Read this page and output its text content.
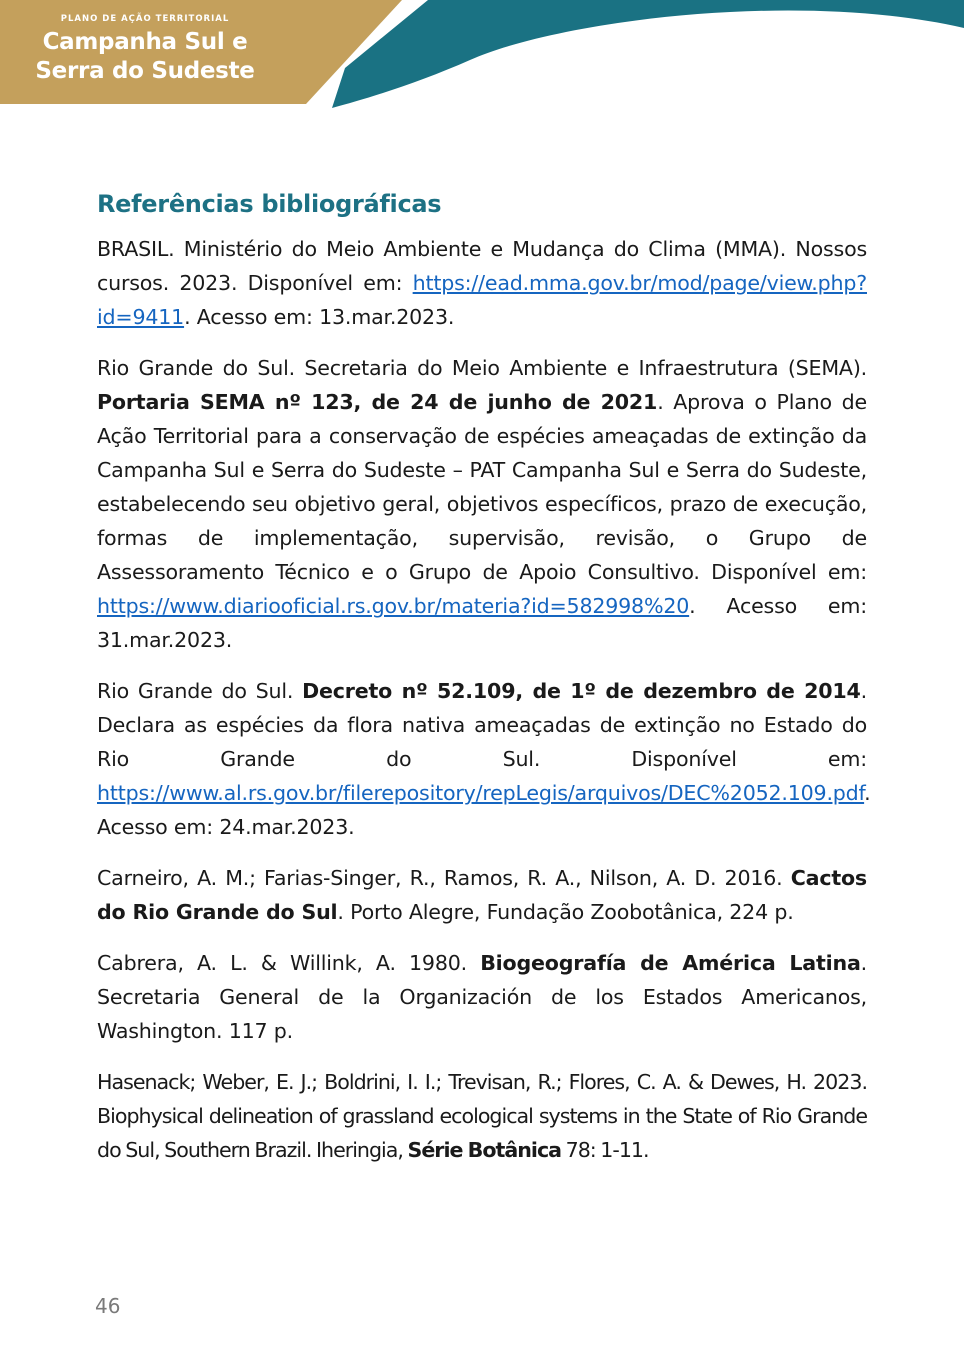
PLANO DE AÇÃO TERRITORIAL
Campanha Sul e
Serra do Sudeste
Referências bibliográficas

BRASIL. Ministério do Meio Ambiente e Mudança do Clima (MMA). Nossos cursos. 2023. Disponível em: https://ead.mma.gov.br/mod/page/view.php?id=9411. Acesso em: 13.mar.2023.

Rio Grande do Sul. Secretaria do Meio Ambiente e Infraestrutura (SEMA). Portaria SEMA nº 123, de 24 de junho de 2021. Aprova o Plano de Ação Territorial para a conservação de espécies ameaçadas de extinção da Campanha Sul e Serra do Sudeste – PAT Campanha Sul e Serra do Sudeste, estabelecendo seu objetivo geral, objetivos específicos, prazo de execução, formas de implementação, supervisão, revisão, o Grupo de Assessoramento Técnico e o Grupo de Apoio Consultivo. Disponível em: https://www.diariooficial.rs.gov.br/materia?id=582998%20. Acesso em: 31.mar.2023.

Rio Grande do Sul. Decreto nº 52.109, de 1º de dezembro de 2014. Declara as espécies da flora nativa ameaçadas de extinção no Estado do Rio Grande do Sul. Disponível em: https://www.al.rs.gov.br/filerepository/repLegis/arquivos/DEC%2052.109.pdf. Acesso em: 24.mar.2023.

Carneiro, A. M.; Farias-Singer, R., Ramos, R. A., Nilson, A. D. 2016. Cactos do Rio Grande do Sul. Porto Alegre, Fundação Zoobotânica, 224 p.

Cabrera, A. L. & Willink, A. 1980. Biogeografía de América Latina. Secretaria General de la Organización de los Estados Americanos, Washington. 117 p.

Hasenack; Weber, E. J.; Boldrini, I. I.; Trevisan, R.; Flores, C. A. & Dewes, H. 2023. Biophysical delineation of grassland ecological systems in the State of Rio Grande do Sul, Southern Brazil. Iheringia, Série Botânica 78: 1-11.

46
